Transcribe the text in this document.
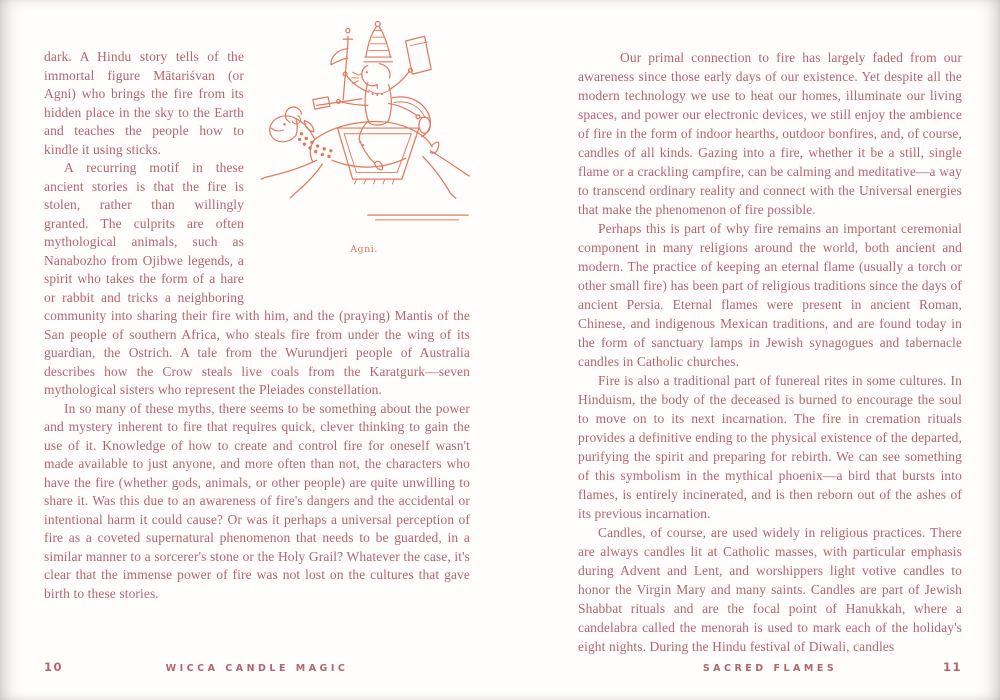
Agni.

dark. A Hindu story tells of the immortal figure Mātariśvan (or Agni) who brings the fire from its hidden place in the sky to the Earth and teaches the people how to kindle it using sticks.

A recurring motif in these ancient stories is that the fire is stolen, rather than willingly granted. The culprits are often mythological animals, such as Nanabozho from Ojibwe legends, a spirit who takes the form of a hare or rabbit and tricks a neighboring community into sharing their fire with him, and the (praying) Mantis of the San people of southern Africa, who steals fire from under the wing of its guardian, the Ostrich. A tale from the Wurundjeri people of Australia describes how the Crow steals live coals from the Karatgurk—seven mythological sisters who represent the Pleiades constellation.

In so many of these myths, there seems to be something about the power and mystery inherent to fire that requires quick, clever thinking to gain the use of it. Knowledge of how to create and control fire for oneself wasn't made available to just anyone, and more often than not, the characters who have the fire (whether gods, animals, or other people) are quite unwilling to share it. Was this due to an awareness of fire's dangers and the accidental or intentional harm it could cause? Or was it perhaps a universal perception of fire as a coveted supernatural phenomenon that needs to be guarded, in a similar manner to a sorcerer's stone or the Holy Grail? Whatever the case, it's clear that the immense power of fire was not lost on the cultures that gave birth to these stories.

10	WICCA CANDLE MAGIC

Our primal connection to fire has largely faded from our awareness since those early days of our existence. Yet despite all the modern technology we use to heat our homes, illuminate our living spaces, and power our electronic devices, we still enjoy the ambience of fire in the form of indoor hearths, outdoor bonfires, and, of course, candles of all kinds. Gazing into a fire, whether it be a still, single flame or a crackling campfire, can be calming and meditative—a way to transcend ordinary reality and connect with the Universal energies that make the phenomenon of fire possible.

Perhaps this is part of why fire remains an important ceremonial component in many religions around the world, both ancient and modern. The practice of keeping an eternal flame (usually a torch or other small fire) has been part of religious traditions since the days of ancient Persia. Eternal flames were present in ancient Roman, Chinese, and indigenous Mexican traditions, and are found today in the form of sanctuary lamps in Jewish synagogues and tabernacle candles in Catholic churches.

Fire is also a traditional part of funereal rites in some cultures. In Hinduism, the body of the deceased is burned to encourage the soul to move on to its next incarnation. The fire in cremation rituals provides a definitive ending to the physical existence of the departed, purifying the spirit and preparing for rebirth. We can see something of this symbolism in the mythical phoenix—a bird that bursts into flames, is entirely incinerated, and is then reborn out of the ashes of its previous incarnation.

Candles, of course, are used widely in religious practices. There are always candles lit at Catholic masses, with particular emphasis during Advent and Lent, and worshippers light votive candles to honor the Virgin Mary and many saints. Candles are part of Jewish Shabbat rituals and are the focal point of Hanukkah, where a candelabra called the menorah is used to mark each of the holiday's eight nights. During the Hindu festival of Diwali, candles

SACRED FLAMES	11
